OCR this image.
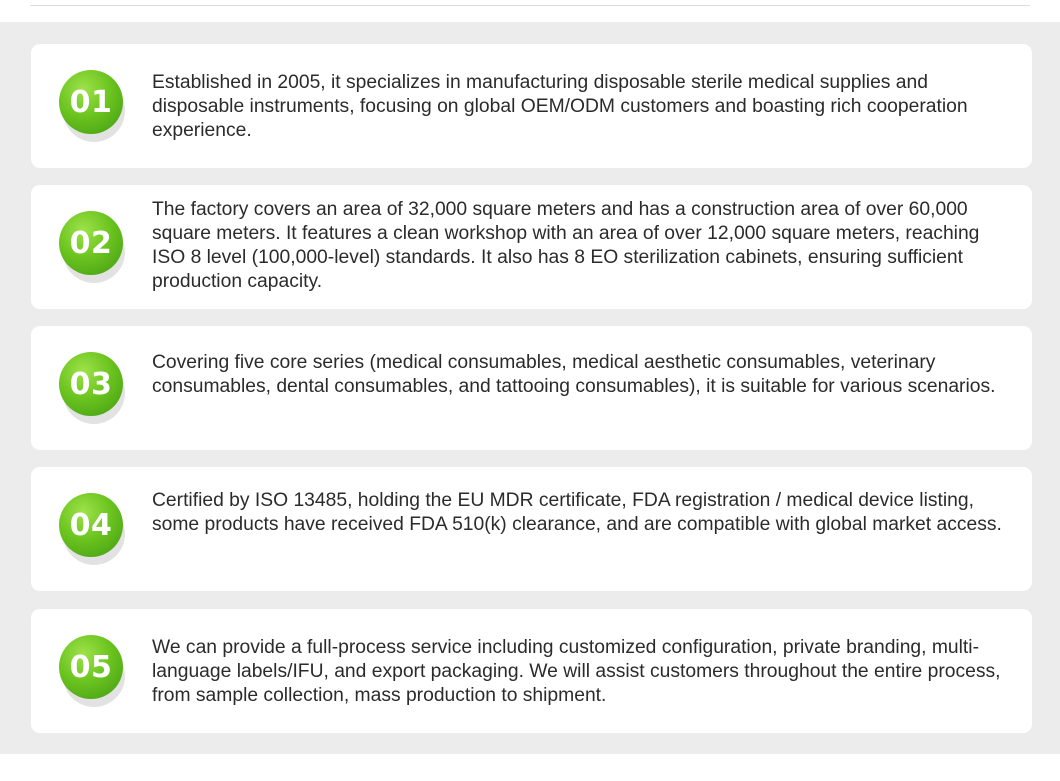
01

Established in 2005, it specializes in manufacturing disposable sterile medical supplies and disposable instruments, focusing on global OEM/ODM customers and boasting rich cooperation experience.

02

The factory covers an area of 32,000 square meters and has a construction area of over 60,000 square meters. It features a clean workshop with an area of over 12,000 square meters, reaching ISO 8 level (100,000-level) standards. It also has 8 EO sterilization cabinets, ensuring sufficient production capacity.

03

Covering five core series (medical consumables, medical aesthetic consumables, veterinary consumables, dental consumables, and tattooing consumables), it is suitable for various scenarios.

04

Certified by ISO 13485, holding the EU MDR certificate, FDA registration / medical device listing, some products have received FDA 510(k) clearance, and are compatible with global market access.

05

We can provide a full-process service including customized configuration, private branding, multi-language labels/IFU, and export packaging. We will assist customers throughout the entire process, from sample collection, mass production to shipment.
